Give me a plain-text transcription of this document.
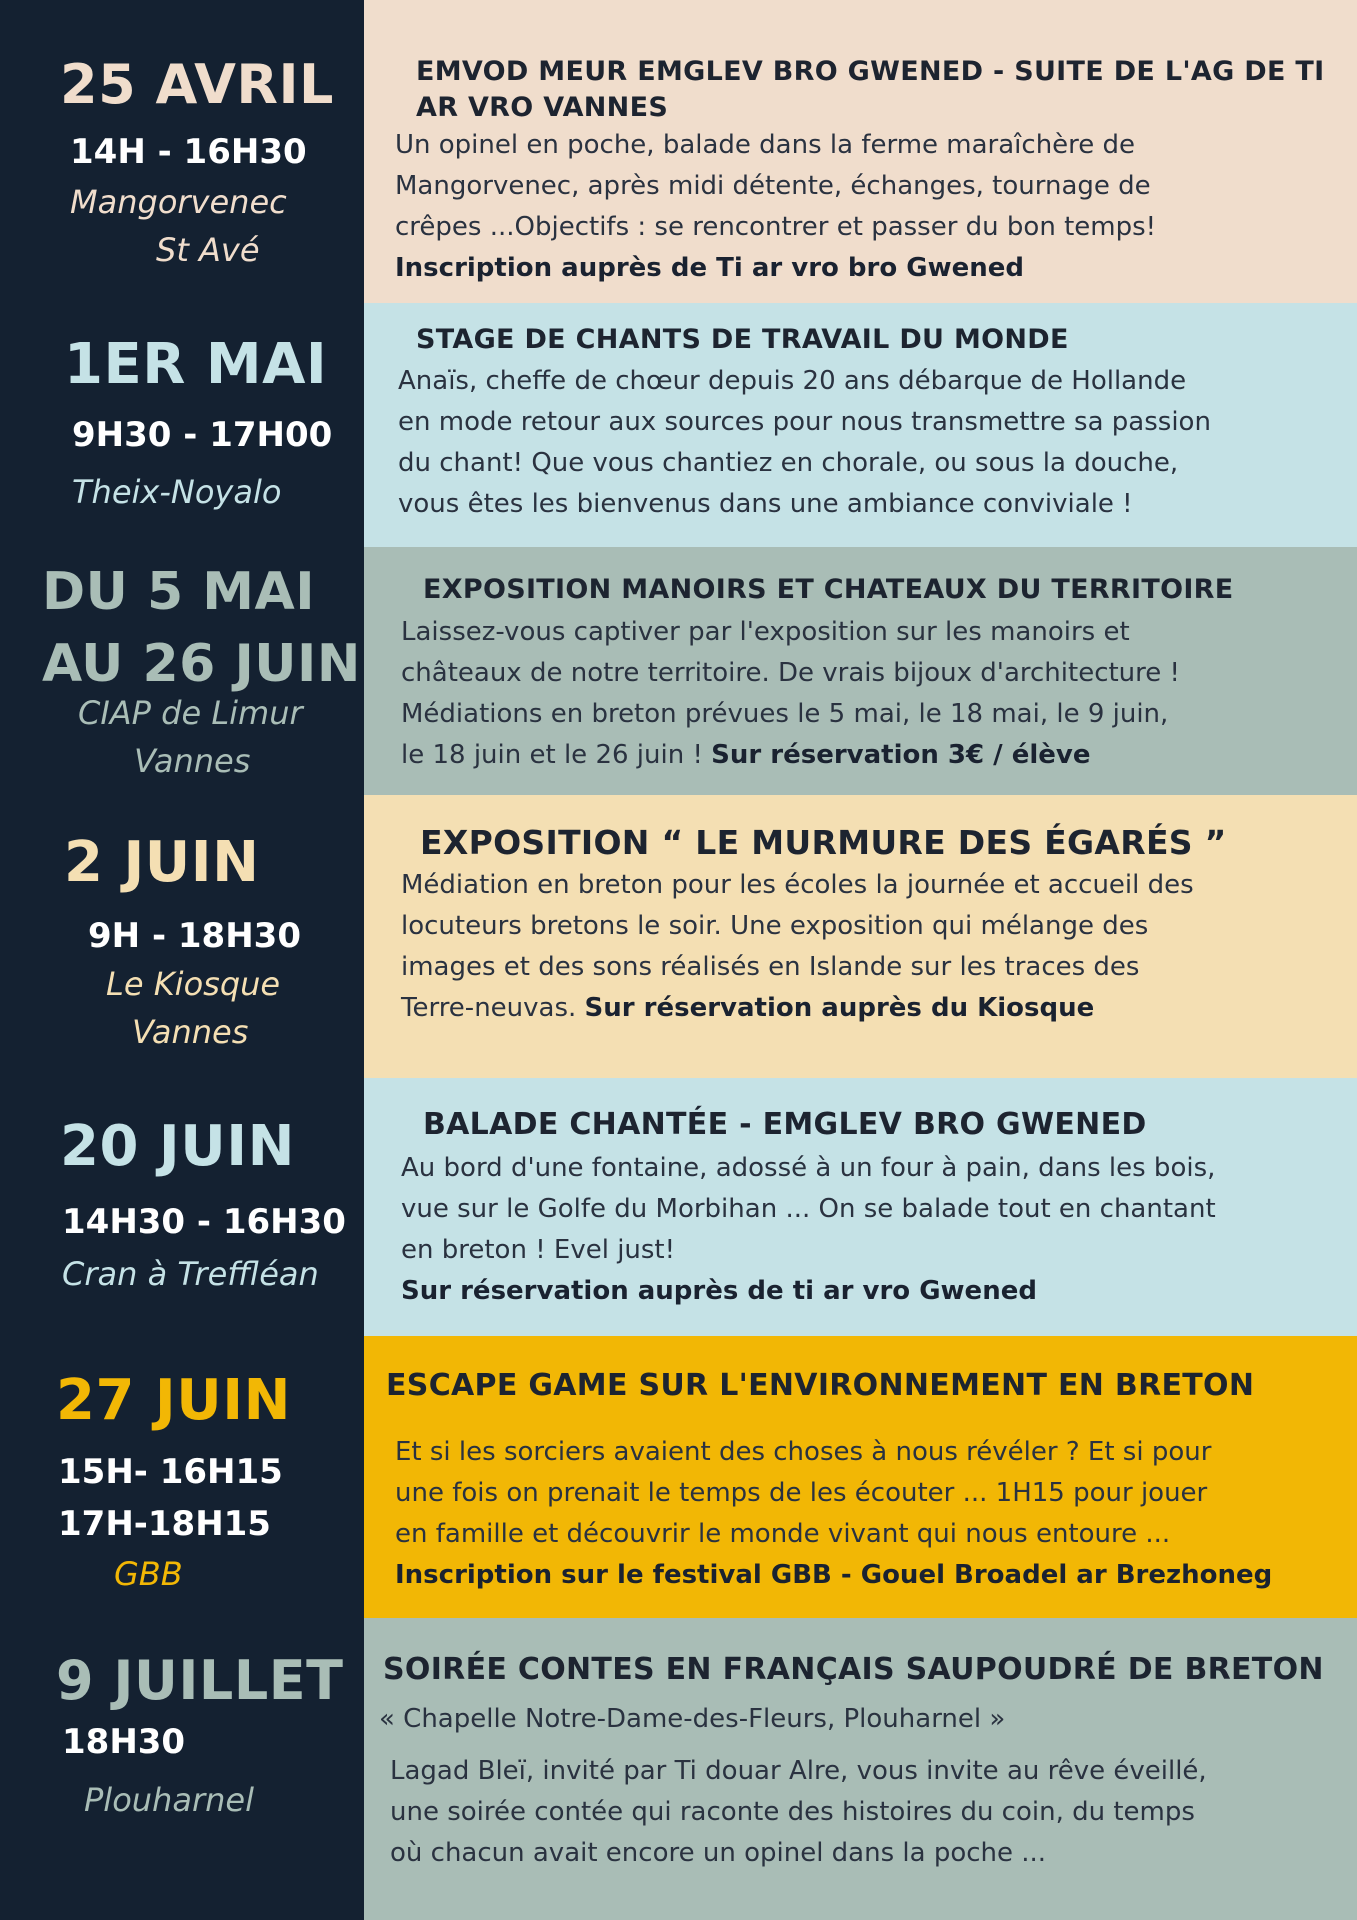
25 AVRIL
14H - 16H30
Mangorvenec
St Avé
EMVOD MEUR EMGLEV BRO GWENED - SUITE DE L'AG DE TI
AR VRO VANNES
Un opinel en poche, balade dans la ferme maraîchère de
Mangorvenec, après midi détente, échanges, tournage de
crêpes ...Objectifs : se rencontrer et passer du bon temps!
Inscription auprès de Ti ar vro bro Gwened
1ER MAI
9H30 - 17H00
Theix-Noyalo
STAGE DE CHANTS DE TRAVAIL DU MONDE
Anaïs, cheffe de chœur depuis 20 ans débarque de Hollande
en mode retour aux sources pour nous transmettre sa passion
du chant! Que vous chantiez en chorale, ou sous la douche,
vous êtes les bienvenus dans une ambiance conviviale !
DU 5 MAI
AU 26 JUIN
CIAP de Limur
Vannes
EXPOSITION MANOIRS ET CHATEAUX DU TERRITOIRE
Laissez-vous captiver par l'exposition sur les manoirs et
châteaux de notre territoire. De vrais bijoux d'architecture !
Médiations en breton prévues le 5 mai, le 18 mai, le 9 juin,
le 18 juin et le 26 juin ! Sur réservation 3€ / élève
2 JUIN
9H - 18H30
Le Kiosque
Vannes
EXPOSITION “ LE MURMURE DES ÉGARÉS ”
Médiation en breton pour les écoles la journée et accueil des
locuteurs bretons le soir. Une exposition qui mélange des
images et des sons réalisés en Islande sur les traces des
Terre-neuvas. Sur réservation auprès du Kiosque
20 JUIN
14H30 - 16H30
Cran à Treffléan
BALADE CHANTÉE - EMGLEV BRO GWENED
Au bord d'une fontaine, adossé à un four à pain, dans les bois,
vue sur le Golfe du Morbihan ... On se balade tout en chantant
en breton ! Evel just!
Sur réservation auprès de ti ar vro Gwened
27 JUIN
15H- 16H15
17H-18H15
GBB
ESCAPE GAME SUR L'ENVIRONNEMENT EN BRETON
Et si les sorciers avaient des choses à nous révéler ? Et si pour
une fois on prenait le temps de les écouter ... 1H15 pour jouer
en famille et découvrir le monde vivant qui nous entoure ...
Inscription sur le festival GBB - Gouel Broadel ar Brezhoneg
9 JUILLET
18H30
Plouharnel
SOIRÉE CONTES EN FRANÇAIS SAUPOUDRÉ DE BRETON
« Chapelle Notre-Dame-des-Fleurs, Plouharnel »
Lagad Bleï, invité par Ti douar Alre, vous invite au rêve éveillé,
une soirée contée qui raconte des histoires du coin, du temps
où chacun avait encore un opinel dans la poche ...
